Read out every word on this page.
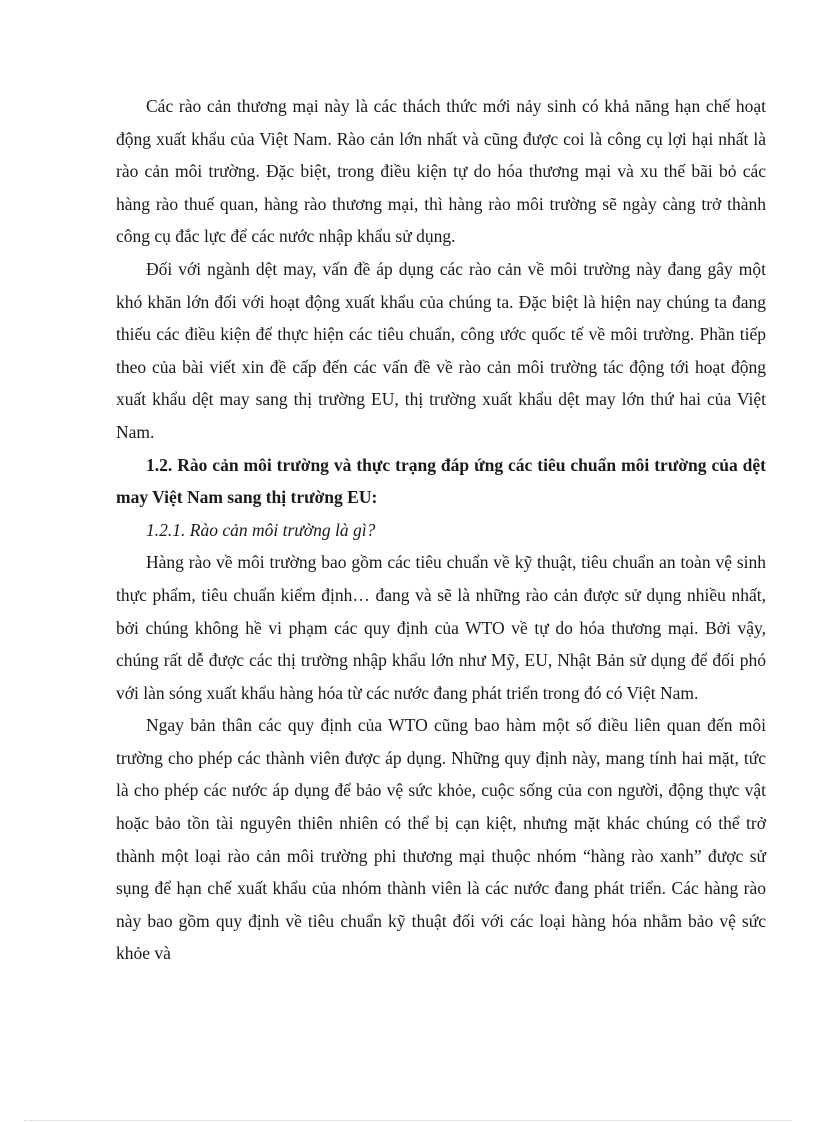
Các rào cản thương mại này là các thách thức mới nảy sinh có khả năng hạn chế hoạt động xuất khẩu của Việt Nam. Rào cản lớn nhất và cũng được coi là công cụ lợi hại nhất là rào cản môi trường. Đặc biệt, trong điều kiện tự do hóa thương mại và xu thế bãi bỏ các hàng rào thuế quan, hàng rào thương mại, thì hàng rào môi trường sẽ ngày càng trở thành công cụ đắc lực để các nước nhập khẩu sử dụng.

Đối với ngành dệt may, vấn đề áp dụng các rào cản về môi trường này đang gây một khó khăn lớn đối với hoạt động xuất khẩu của chúng ta. Đặc biệt là hiện nay chúng ta đang thiếu các điều kiện để thực hiện các tiêu chuẩn, công ước quốc tế về môi trường. Phần tiếp theo của bài viết xin đề cấp đến các vấn đề về rào cản môi trường tác động tới hoạt động xuất khẩu dệt may sang thị trường EU, thị trường xuất khẩu dệt may lớn thứ hai của Việt Nam.

1.2. Rào cản môi trường và thực trạng đáp ứng các tiêu chuẩn môi trường của dệt may Việt Nam sang thị trường EU:

1.2.1. Rào cản môi trường là gì?

Hàng rào về môi trường bao gồm các tiêu chuẩn về kỹ thuật, tiêu chuẩn an toàn vệ sinh thực phẩm, tiêu chuẩn kiểm định… đang và sẽ là những rào cản được sử dụng nhiều nhất, bởi chúng không hề vi phạm các quy định của WTO về tự do hóa thương mại. Bởi vậy, chúng rất dễ được các thị trường nhập khẩu lớn như Mỹ, EU, Nhật Bản sử dụng để đối phó với làn sóng xuất khẩu hàng hóa từ các nước đang phát triển trong đó có Việt Nam.

Ngay bản thân các quy định của WTO cũng bao hàm một số điều liên quan đến môi trường cho phép các thành viên được áp dụng. Những quy định này, mang tính hai mặt, tức là cho phép các nước áp dụng để bảo vệ sức khỏe, cuộc sống của con người, động thực vật hoặc bảo tồn tài nguyên thiên nhiên có thể bị cạn kiệt, nhưng mặt khác chúng có thể trở thành một loại rào cản môi trường phi thương mại thuộc nhóm “hàng rào xanh” được sử sụng để hạn chế xuất khẩu của nhóm thành viên là các nước đang phát triển. Các hàng rào này bao gồm quy định về tiêu chuẩn kỹ thuật đối với các loại hàng hóa nhằm bảo vệ sức khỏe và
